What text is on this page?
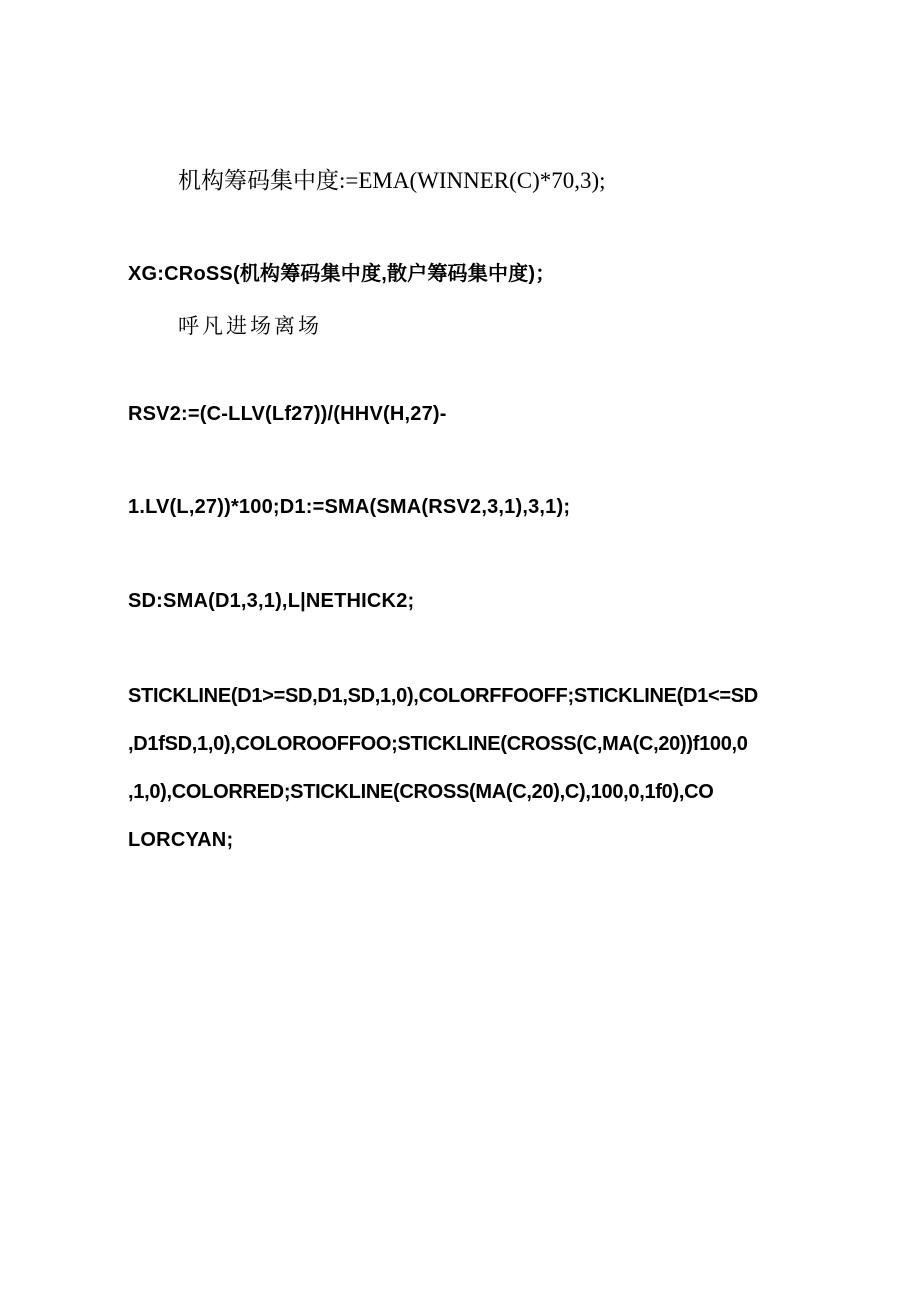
机构筹码集中度:=EMA(WINNER(C)*70,3);

XG:CRoSS(机构筹码集中度,散户筹码集中度)；

呼凡进场离场

RSV2:=(C-LLV(Lf27))/(HHV(H,27)-

1.LV(L,27))*100;D1:=SMA(SMA(RSV2,3,1),3,1);

SD:SMA(D1,3,1),L|NETHICK2;

STICKLINE(D1>=SD,D1,SD,1,0),COLORFFOOFF;STICKLINE(D1<=SD

,D1fSD,1,0),COLOROOFFOO;STICKLINE(CROSS(C,MA(C,20))f100,0

,1,0),COLORRED;STICKLINE(CROSS(MA(C,20),C),100,0,1f0),CO

LORCYAN;
